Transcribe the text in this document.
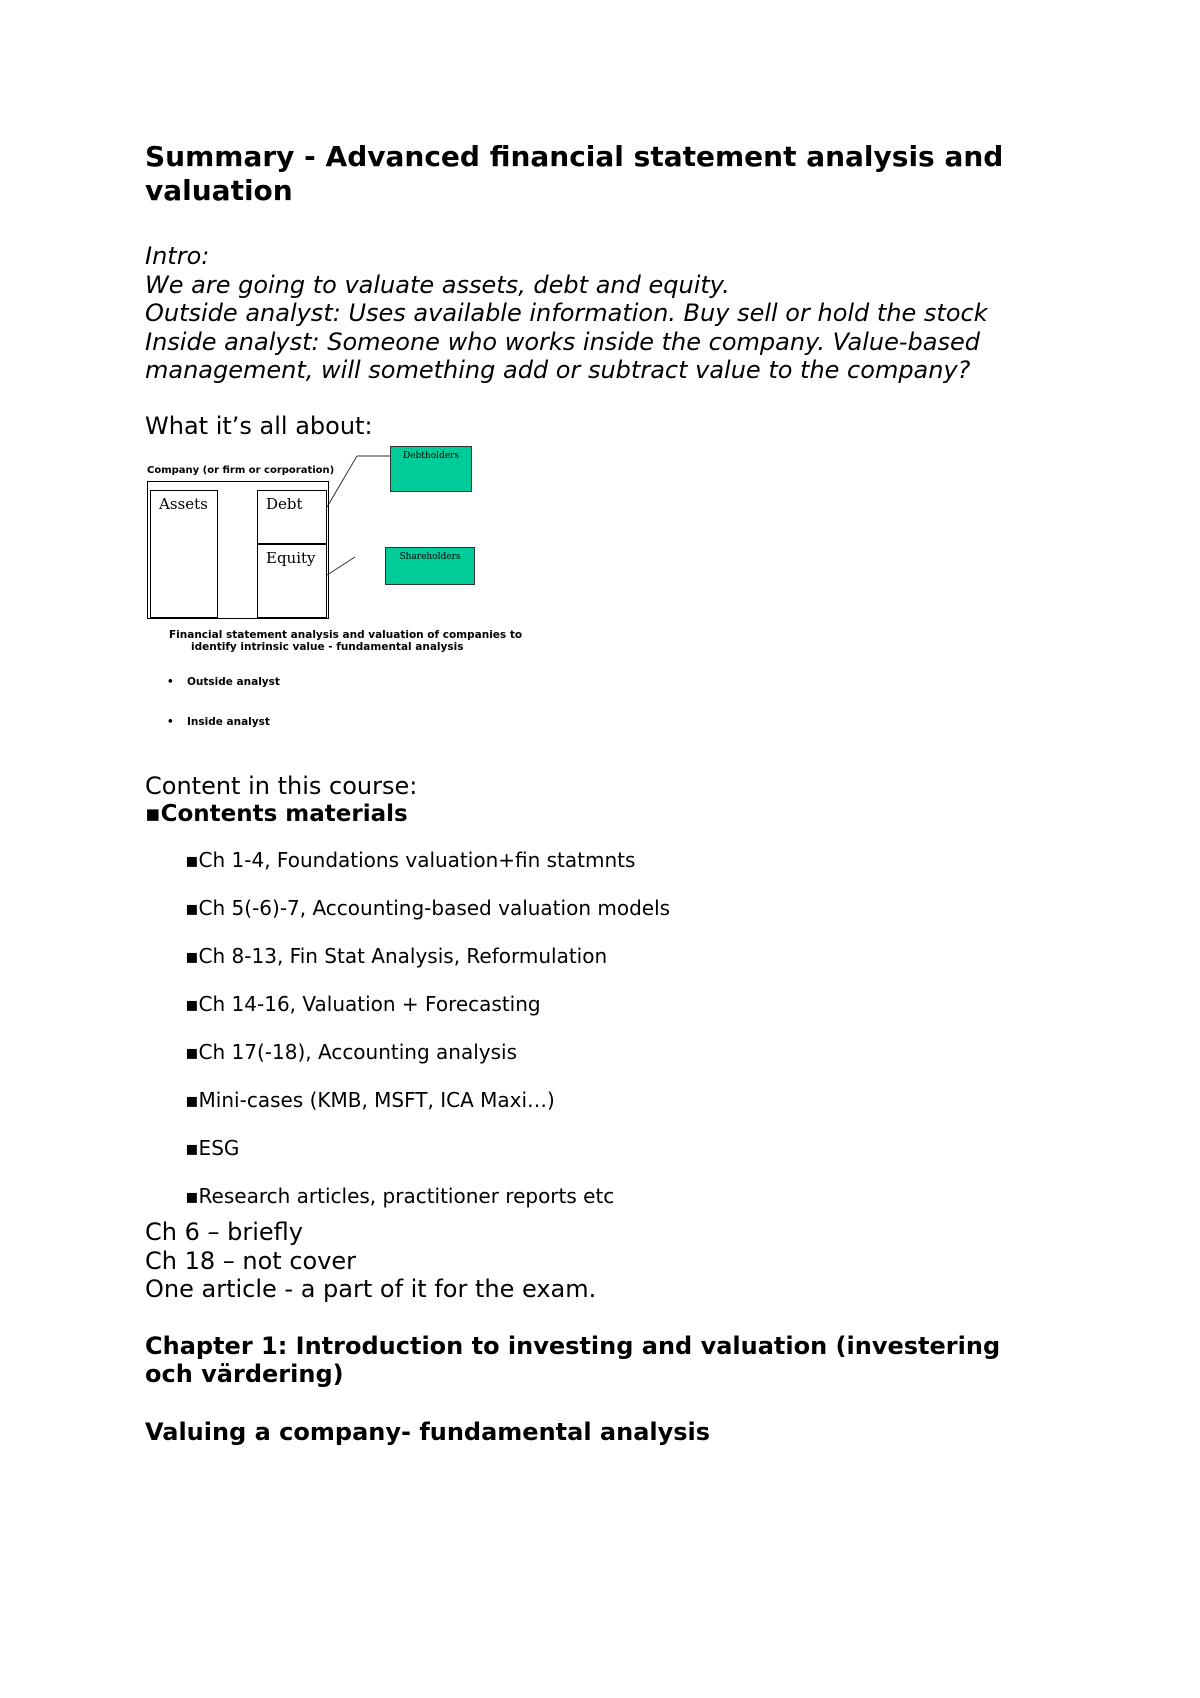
Summary - Advanced financial statement analysis and valuation
Intro:
We are going to valuate assets, debt and equity.
Outside analyst: Uses available information. Buy sell or hold the stock
Inside analyst: Someone who works inside the company. Value-based
management, will something add or subtract value to the company?
What it’s all about:
Company (or firm or corporation)
Assets	Debt
Equity
Debtholders
Shareholders
Financial statement analysis and valuation of companies to
identify intrinsic value - fundamental analysis
• Outside analyst
• Inside analyst
Content in this course:
▪Contents materials
▪Ch 1-4, Foundations valuation+fin statmnts
▪Ch 5(-6)-7, Accounting-based valuation models
▪Ch 8-13, Fin Stat Analysis, Reformulation
▪Ch 14-16, Valuation + Forecasting
▪Ch 17(-18), Accounting analysis
▪Mini-cases (KMB, MSFT, ICA Maxi…)
▪ESG
▪Research articles, practitioner reports etc
Ch 6 – briefly
Ch 18 – not cover
One article - a part of it for the exam.
Chapter 1: Introduction to investing and valuation (investering och värdering)
Valuing a company- fundamental analysis
